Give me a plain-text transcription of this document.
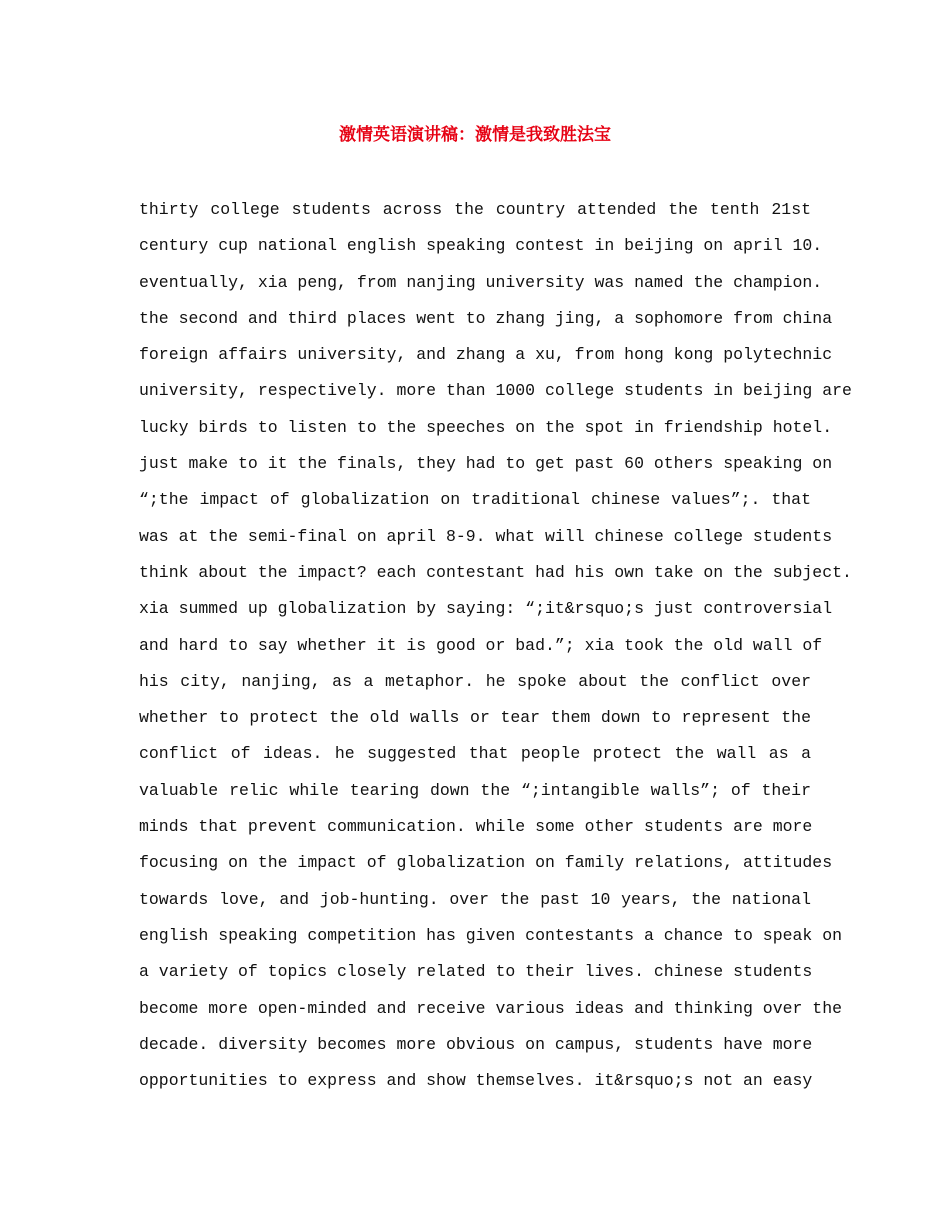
激情英语演讲稿：激情是我致胜法宝
thirty college students across the country attended the tenth 21st
century cup national english speaking contest in beijing on april 10.
eventually, xia peng, from nanjing university was named the champion.
the second and third places went to zhang jing, a sophomore from china
foreign affairs university, and zhang a xu, from hong kong polytechnic
university, respectively. more than 1000 college students in beijing are
lucky birds to listen to the speeches on the spot in friendship hotel.
just make to it the finals, they had to get past 60 others speaking on
“;the impact of globalization on traditional chinese values”;. that
was at the semi-final on april 8-9. what will chinese college students
think about the impact? each contestant had his own take on the subject.
xia summed up globalization by saying: “;it&rsquo;s just controversial
and hard to say whether it is good or bad.”; xia took the old wall of
his city, nanjing, as a metaphor. he spoke about the conflict over
whether to protect the old walls or tear them down to represent the
conflict of ideas. he suggested that people protect the wall as a
valuable relic while tearing down the “;intangible walls”; of their
minds that prevent communication. while some other students are more
focusing on the impact of globalization on family relations, attitudes
towards love, and job-hunting. over the past 10 years, the national
english speaking competition has given contestants a chance to speak on
a variety of topics closely related to their lives. chinese students
become more open-minded and receive various ideas and thinking over the
decade. diversity becomes more obvious on campus, students have more
opportunities to express and show themselves. it&rsquo;s not an easy
